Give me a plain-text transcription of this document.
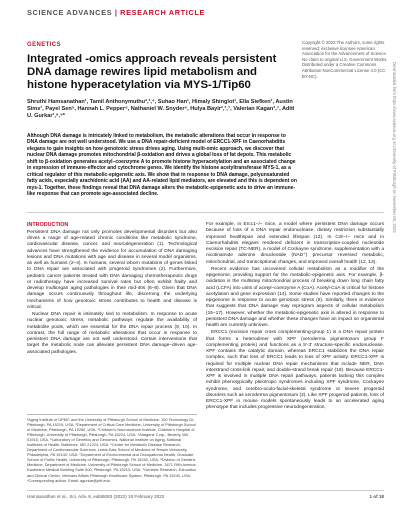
SCIENCE ADVANCES | RESEARCH ARTICLE
Downloaded from https://www.science.org at University of Pittsburgh on November 05, 2023
Copyright © 2022 The Authors, some rights reserved; exclusive licensee American Association for the Advancement of Science. No claim to original U.S. Government Works. Distributed under a Creative Commons Attribution NonCommercial License 4.0 (CC BY-NC).
GENETICS
Integrated -omics approach reveals persistent DNA damage rewires lipid metabolism and histone hyperacetylation via MYS-1/Tip60
Shruthi Hamsanathan¹, Tamil Anthonymuthu²,³,⁴, Suhao Han¹, Himaly Shinglot¹, Ella Siefken¹, Austin Sims¹, Payel Sen⁵, Hannah L. Pepper⁶, Nathaniel W. Snyder⁶, Hulya Bayir²,³,⁷, Valerian Kagan³,⁷, Aditi U. Gurkar¹,⁸,⁹*
Although DNA damage is intricately linked to metabolism, the metabolic alterations that occur in response to DNA damage are not well understood. We use a DNA repair-deficient model of ERCC1-XPF in Caenorhabditis elegans to gain insights on how genotoxic stress drives aging. Using multi-omic approach, we discover that nuclear DNA damage promotes mitochondrial β-oxidation and drives a global loss of fat depots. This metabolic shift to β-oxidation generates acetyl–coenzyme A to promote histone hyperacetylation and an associated change in expression of immune-effector and cytochrome genes. We identify the histone acetyltransferase MYS-1, as a critical regulator of this metabolic-epigenetic axis. We show that in response to DNA damage, polyunsaturated fatty acids, especially arachidonic acid (AA) and AA-related lipid mediators, are elevated and this is dependent on mys-1. Together, these findings reveal that DNA damage alters the metabolic-epigenetic axis to drive an immune-like response that can promote age-associated decline.
INTRODUCTION

Persistent DNA damage not only promotes developmental disorders but also drives a range of age-related chronic conditions like metabolic syndrome, cardiovascular disease, cancer, and neurodegeneration (1). Technological advances have strengthened the evidence for accumulation of DNA damaging lesions and DNA mutations with age and disease in several model organisms, as well as humans (2–4). In humans, several inborn mutations of genes linked to DNA repair are associated with progeroid syndromes (2). Furthermore, pediatric cancer patients treated with DNA damaging chemotherapeutic drugs or radiotherapy have increased survival rates but often exhibit frailty and develop multiorgan aging pathologies in their mid-40s (6–8). Given that DNA damage occurs continuously throughout life, discerning the underlying mechanisms of how genotoxic stress contributes to health and disease is critical.

Nuclear DNA repair is intimately tied to metabolism. In response to acute nuclear genotoxic stress, metabolic pathways regulate the availability of metabolite pools, which are essential for the DNA repair process (9, 10). In contrast, the full range of metabolic alterations that occur in response to persistent DNA damage are not well understood. Certain interventions that target the metabolic node can alleviate persistent DNA damage–driven age-associated pathologies.

¹Aging Institute of UPMC and the University of Pittsburgh School of Medicine, 100 Technology Dr., Pittsburgh, PA 15219, USA. ²Department of Critical Care Medicine, University of Pittsburgh School of Medicine, Pittsburgh, PA 15260, USA. ³Children's Neuroscience Institute, Children's Hospital of Pittsburgh, University of Pittsburgh, Pittsburgh, PA 15224, USA. ⁴Adagene Corp., Beverly, MA 01915, USA. ⁵Laboratory of Genetics and Genomics, National Institute on Aging, National Institutes of Health, Baltimore, MD 21224, USA. ⁶Center for Metabolic Disease Research, Department of Cardiovascular Sciences, Lewis Katz School of Medicine at Temple University, Philadelphia, PA 19140, USA. ⁷Department of Environmental and Occupational Health, Graduate School of Public Health, University of Pittsburgh, Pittsburgh, PA 15240, USA. ⁸Division of Geriatric Medicine, Department of Medicine, University of Pittsburgh School of Medicine, 3471 Fifth Avenue, Kaufmann Medical Building Suite 500, Pittsburgh, PA 15213, USA. ⁹Geriatric Research, Education and Clinical Center, Veterans Affairs Pittsburgh Healthcare System, Pittsburgh, PA 15240, USA. *Corresponding author. Email: agurkar@pitt.edu

For example, in Ercc1−/− mice, a model where persistent DNA damage occurs because of loss of a DNA repair endonuclease, dietary restriction substantially improved healthspan and extended lifespan (12). In Cdr−/− mice and in Caenorhabditis elegans rendered deficient in transcription-coupled nucleotide excision repair (TC-NER), a model of Cockayne syndrome, supplementation with a nicotinamide adenine dinucleotide (NAD⁺) precursor reversed metabolic, mitochondrial, and transcriptional changes, and improved overall health (12, 13).

Recent evidence has uncovered cellular metabolism as a modifier of the epigenome, providing support for the metabolic-epigenetic axis. For example, β-oxidation is the multistep mitochondrial process of breaking down long chain fatty acid (LCFA) into units of acetyl–coenzyme A (CoA). Acetyl-CoA is critical for histone acetylation and gene expression (14). Some studies have reported changes to the epigenome in response to acute genotoxic stress (9). Similarly, there is evidence that suggests that DNA damage may reprogram aspects of cellular metabolism (15–17). However, whether the metabolic-epigenetic axis is altered in response to persistent DNA damage and whether these changes have an impact on organismal health are currently unknown.

ERCC1 (excision repair cross complementing-group 1) is a DNA repair protein that forms a heterodimer with XPF (xeroderma pigmentosum group F complementing protein) and functions as a 5′-3′ structure-specific endonuclease. XPF contains the catalytic domain, whereas ERCC1 stabilizes the DNA repair complex, such that loss of ERCC1 leads to loss of XPF activity. ERCC1-XPF is required for multiple nuclear DNA repair mechanisms that include NER, DNA interstrand cross-link repair, and double-strand break repair (18). Because ERCC1-XPF is involved in multiple DNA repair pathways, patients lacking this complex exhibit phenotypically pleiotropic syndromes including XPF syndrome, Cockayne syndrome, and cerebro-oculo-facial-skeletal syndrome or severe progeroid disorders such as xeroderma pigmentosum (2). Like XPF progeroid patients, loss of ERCC1-XPF in mouse models spontaneously leads to an accelerated aging phenotype that includes progressive neurodegeneration,

Hamsanathan et al., Sci. Adv. 8, eabl6083 (2022) 16 February 2022	1 of 18
